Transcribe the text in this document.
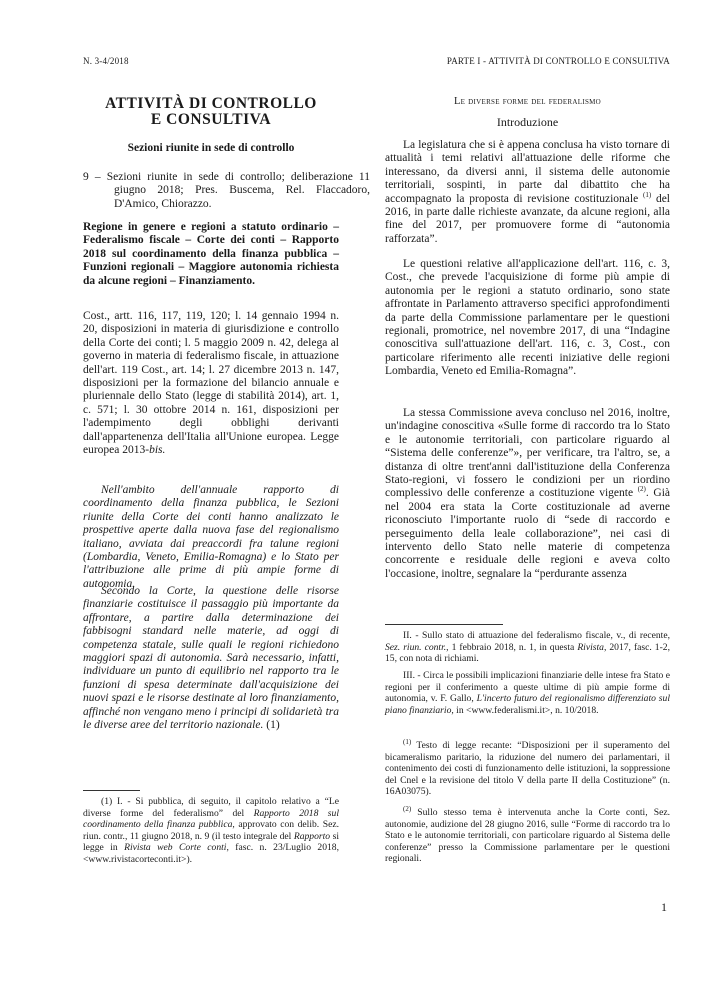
N. 3-4/2018	PARTE I - ATTIVITÀ DI CONTROLLO E CONSULTIVA
ATTIVITÀ DI CONTROLLO
E CONSULTIVA
Sezioni riunite in sede di controllo
9 – Sezioni riunite in sede di controllo; deliberazione 11 giugno 2018; Pres. Buscema, Rel. Flaccadoro, D'Amico, Chiorazzo.
Regione in genere e regioni a statuto ordinario – Federalismo fiscale – Corte dei conti – Rapporto 2018 sul coordinamento della finanza pubblica – Funzioni regionali – Maggiore autonomia richiesta da alcune regioni – Finanziamento.
Cost., artt. 116, 117, 119, 120; l. 14 gennaio 1994 n. 20, disposizioni in materia di giurisdizione e controllo della Corte dei conti; l. 5 maggio 2009 n. 42, delega al governo in materia di federalismo fiscale, in attuazione dell'art. 119 Cost., art. 14; l. 27 dicembre 2013 n. 147, disposizioni per la formazione del bilancio annuale e pluriennale dello Stato (legge di stabilità 2014), art. 1, c. 571; l. 30 ottobre 2014 n. 161, disposizioni per l'adempimento degli obblighi derivanti dall'appartenenza dell'Italia all'Unione europea. Legge europea 2013-bis.
Nell'ambito dell'annuale rapporto di coordinamento della finanza pubblica, le Sezioni riunite della Corte dei conti hanno analizzato le prospettive aperte dalla nuova fase del regionalismo italiano, avviata dai preaccordi fra talune regioni (Lombardia, Veneto, Emilia-Romagna) e lo Stato per l'attribuzione alle prime di più ampie forme di autonomia.
Secondo la Corte, la questione delle risorse finanziarie costituisce il passaggio più importante da affrontare, a partire dalla determinazione dei fabbisogni standard nelle materie, ad oggi di competenza statale, sulle quali le regioni richiedono maggiori spazi di autonomia. Sarà necessario, infatti, individuare un punto di equilibrio nel rapporto tra le funzioni di spesa determinate dall'acquisizione dei nuovi spazi e le risorse destinate al loro finanziamento, affinché non vengano meno i principi di solidarietà tra le diverse aree del territorio nazionale. (1)
(1) I. - Si pubblica, di seguito, il capitolo relativo a “Le diverse forme del federalismo” del Rapporto 2018 sul coordinamento della finanza pubblica, approvato con delib. Sez. riun. contr., 11 giugno 2018, n. 9 (il testo integrale del Rapporto si legge in Rivista web Corte conti, fasc. n. 23/Luglio 2018, <www.rivistacorteconti.it>).
Le diverse forme del federalismo
Introduzione
La legislatura che si è appena conclusa ha visto tornare di attualità i temi relativi all'attuazione delle riforme che interessano, da diversi anni, il sistema delle autonomie territoriali, sospinti, in parte dal dibattito che ha accompagnato la proposta di revisione costituzionale $^{(1)}$ del 2016, in parte dalle richieste avanzate, da alcune regioni, alla fine del 2017, per promuovere forme di “autonomia rafforzata”.
Le questioni relative all'applicazione dell'art. 116, c. 3, Cost., che prevede l'acquisizione di forme più ampie di autonomia per le regioni a statuto ordinario, sono state affrontate in Parlamento attraverso specifici approfondimenti da parte della Commissione parlamentare per le questioni regionali, promotrice, nel novembre 2017, di una “Indagine conoscitiva sull'attuazione dell'art. 116, c. 3, Cost., con particolare riferimento alle recenti iniziative delle regioni Lombardia, Veneto ed Emilia-Romagna”.
La stessa Commissione aveva concluso nel 2016, inoltre, un'indagine conoscitiva «Sulle forme di raccordo tra lo Stato e le autonomie territoriali, con particolare riguardo al “Sistema delle conferenze”», per verificare, tra l'altro, se, a distanza di oltre trent'anni dall'istituzione della Conferenza Stato-regioni, vi fossero le condizioni per un riordino complessivo delle conferenze a costituzione vigente $^{(2)}$. Già nel 2004 era stata la Corte costituzionale ad averne riconosciuto l'importante ruolo di “sede di raccordo e perseguimento della leale collaborazione”, nei casi di intervento dello Stato nelle materie di competenza concorrente e residuale delle regioni e aveva colto l'occasione, inoltre, segnalare la “perdurante assenza
II. - Sullo stato di attuazione del federalismo fiscale, v., di recente, Sez. riun. contr., 1 febbraio 2018, n. 1, in questa Rivista, 2017, fasc. 1-2, 15, con nota di richiami.
III. - Circa le possibili implicazioni finanziarie delle intese fra Stato e regioni per il conferimento a queste ultime di più ampie forme di autonomia, v. F. Gallo, L'incerto futuro del regionalismo differenziato sul piano finanziario, in <www.federalismi.it>, n. 10/2018.
$^{(1)}$ Testo di legge recante: “Disposizioni per il superamento del bicameralismo paritario, la riduzione del numero dei parlamentari, il contenimento dei costi di funzionamento delle istituzioni, la soppressione del Cnel e la revisione del titolo V della parte II della Costituzione” (n. 16A03075).
$^{(2)}$ Sullo stesso tema è intervenuta anche la Corte conti, Sez. autonomie, audizione del 28 giugno 2016, sulle “Forme di raccordo tra lo Stato e le autonomie territoriali, con particolare riguardo al Sistema delle conferenze” presso la Commissione parlamentare per le questioni regionali.
1
